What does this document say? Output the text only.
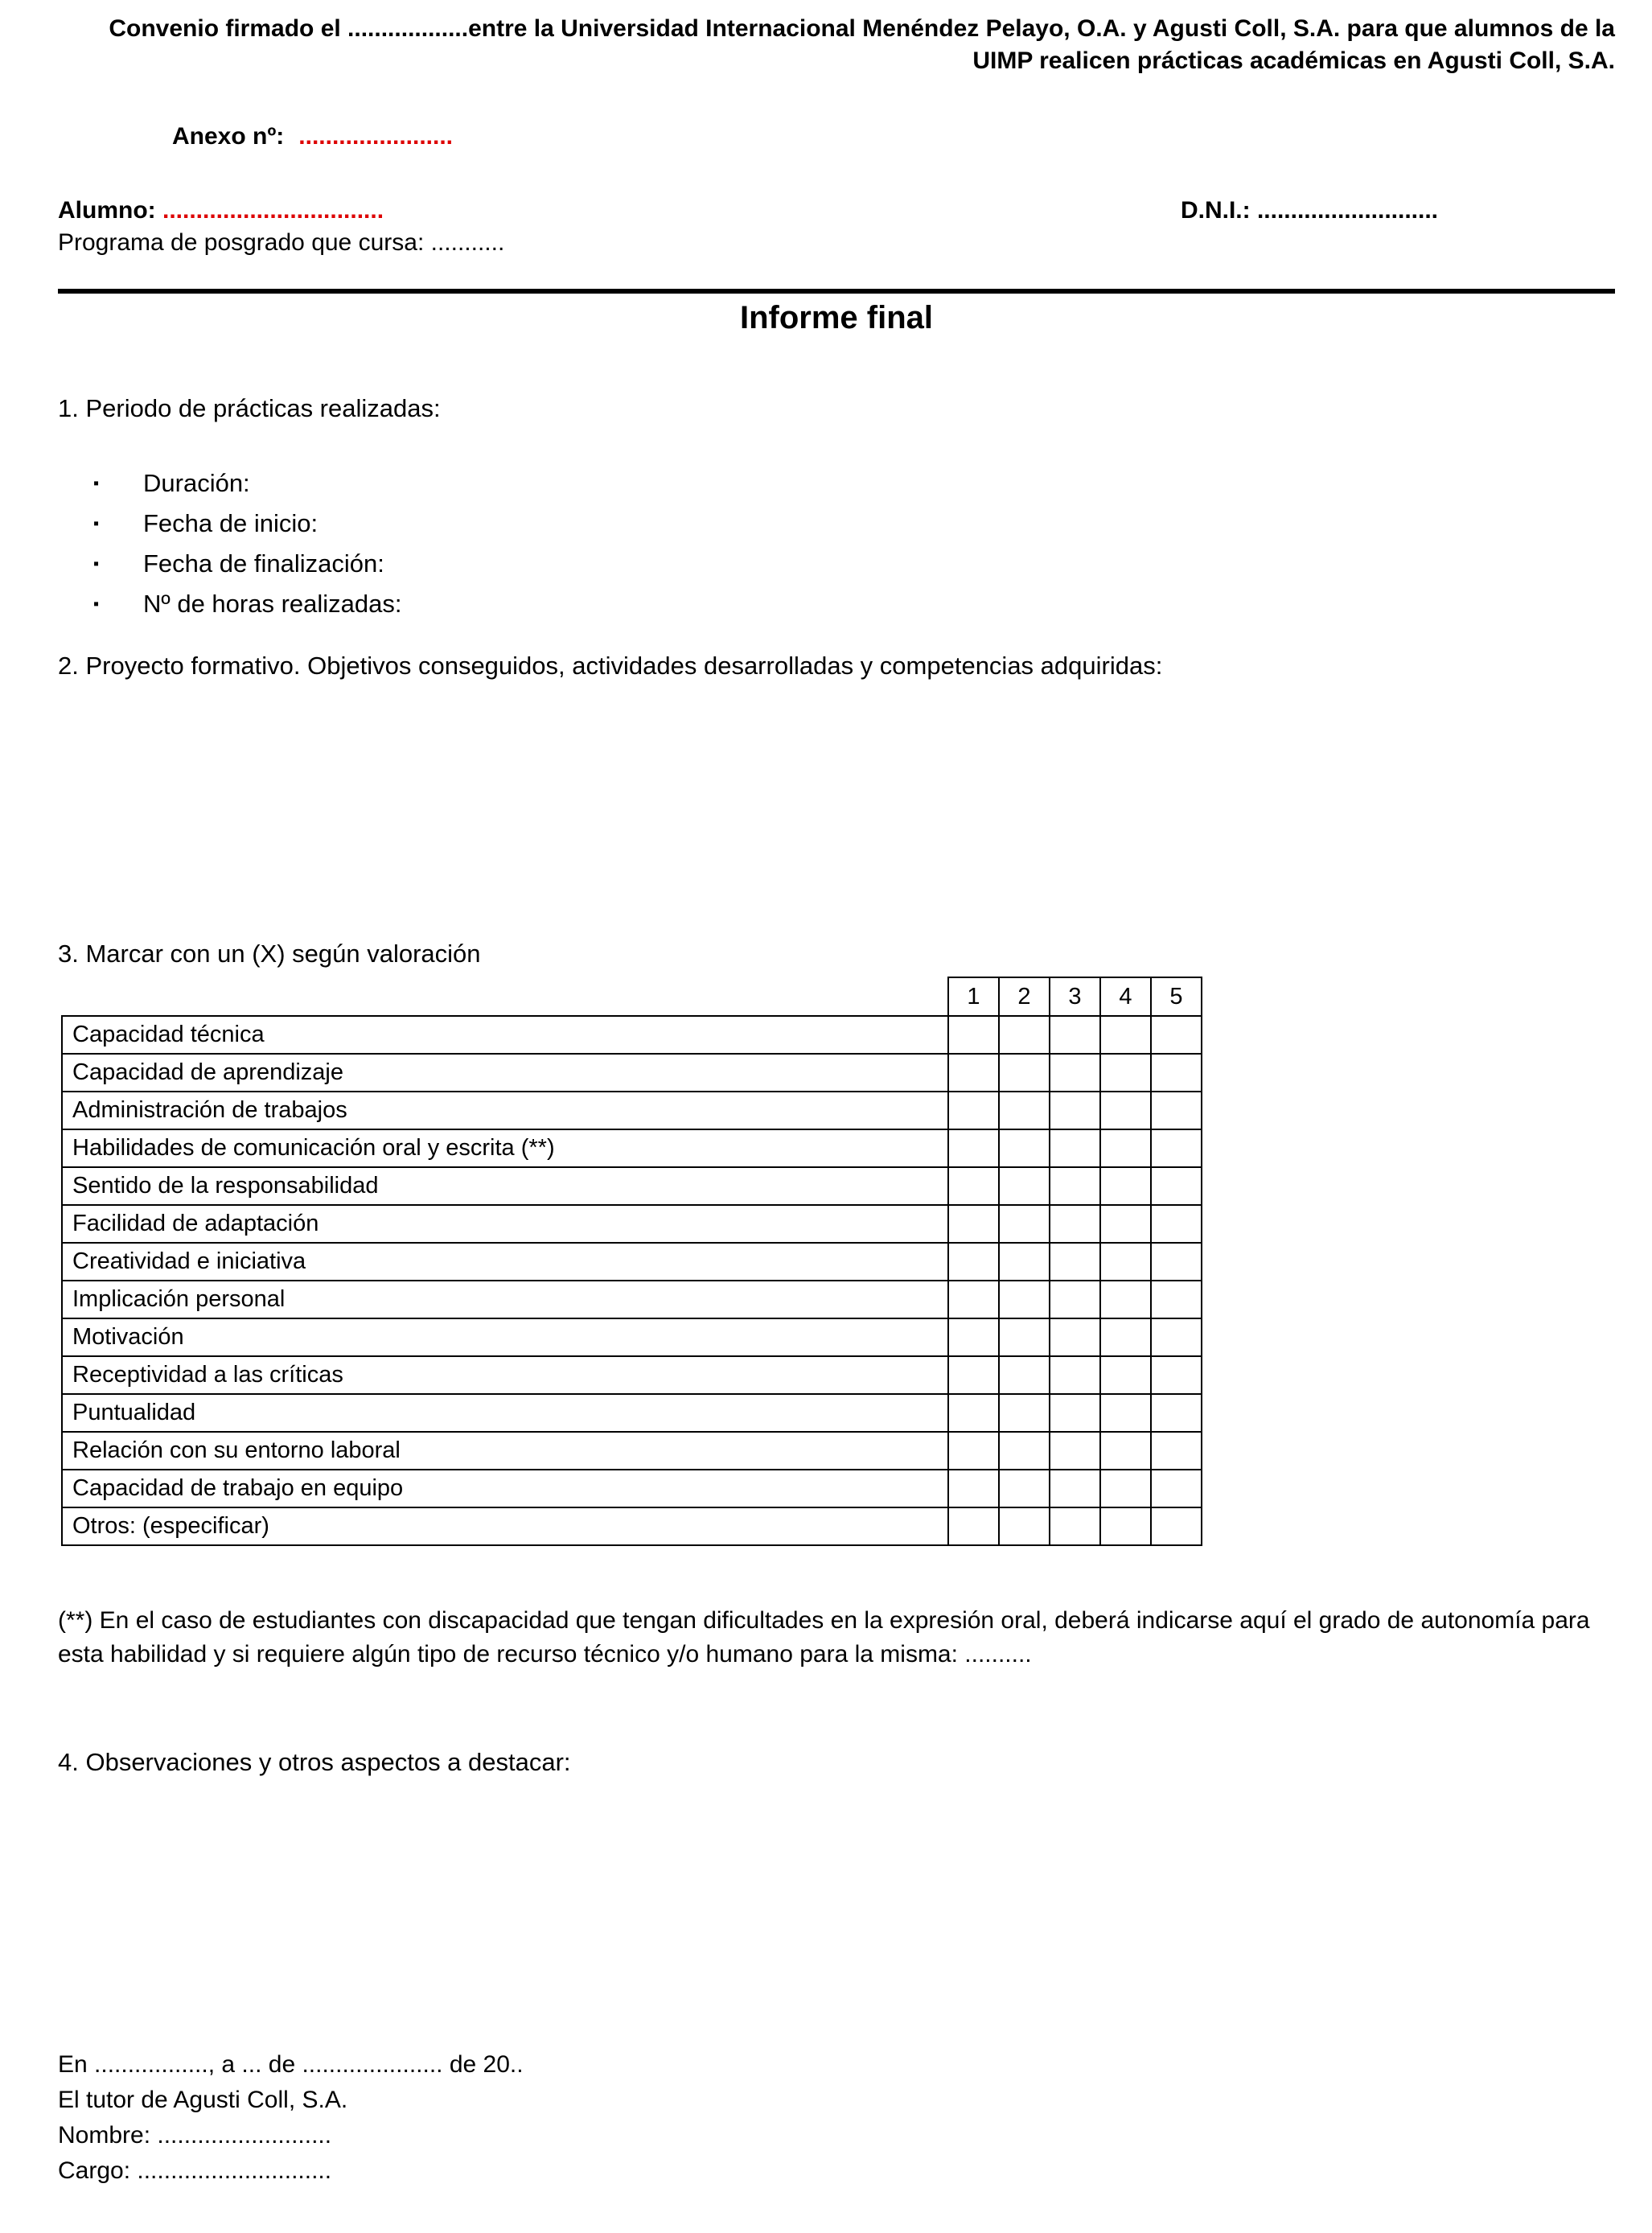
Convenio firmado el ..................entre la Universidad Internacional Menéndez Pelayo, O.A. y Agusti Coll, S.A. para que alumnos de la UIMP realicen prácticas académicas en Agusti Coll, S.A.

Anexo nº: .......................
Alumno: .................................	D.N.I.: ...........................
Programa de posgrado que cursa: ...........
Informe final
1. Periodo de prácticas realizadas:
▪	Duración:
▪	Fecha de inicio:
▪	Fecha de finalización:
▪	Nº de horas realizadas:
2. Proyecto formativo. Objetivos conseguidos, actividades desarrolladas y competencias adquiridas:
3. Marcar con un (X) según valoración
	1	2	3	4	5
Capacidad técnica					
Capacidad de aprendizaje					
Administración de trabajos					
Habilidades de comunicación oral y escrita (**)					
Sentido de la responsabilidad					
Facilidad de adaptación					
Creatividad e iniciativa					
Implicación personal					
Motivación					
Receptividad a las críticas					
Puntualidad					
Relación con su entorno laboral					
Capacidad de trabajo en equipo					
Otros: (especificar)					

(**) En el caso de estudiantes con discapacidad que tengan dificultades en la expresión oral, deberá indicarse aquí el grado de autonomía para esta habilidad y si requiere algún tipo de recurso técnico y/o humano para la misma: ..........

4. Observaciones y otros aspectos a destacar:
En ................., a ... de ..................... de 20..
El tutor de Agusti Coll, S.A.
Nombre: ..........................
Cargo: .............................
